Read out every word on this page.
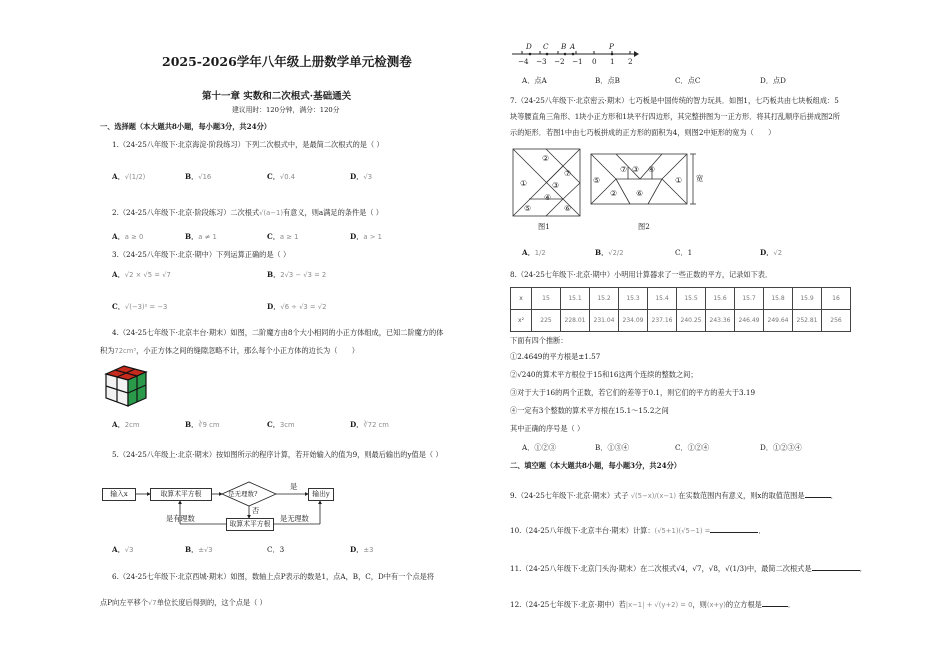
2025-2026学年八年级上册数学单元检测卷
第十一章 实数和二次根式·基础通关
建议用时：120分钟，满分：120分
一、选择题（本大题共8小题，每小题3分，共24分）
1.（24-25八年级下·北京海淀·阶段练习）下列二次根式中，是最简二次根式的是（ ）
A．√(1/2)	B．√16	C．√0.4	D．√3
2.（24-25八年级下·北京·阶段练习）二次根式√(a−1)有意义，则a满足的条件是（ ）
A．a ≥ 0	B．a ≠ 1	C．a ≥ 1	D．a > 1
3.（24-25八年级下·北京·期中）下列运算正确的是（ ）
A．√2 × √5 = √7	B．2√3 − √3 = 2
C．√(−3)² = −3	D．√6 ÷ √3 = √2
4.（24-25七年级下·北京丰台·期末）如图，二阶魔方由8个大小相同的小正方体组成，已知二阶魔方的体
积为72cm³，小正方体之间的缝隙忽略不计，那么每个小正方体的边长为（　　）
A．2cm	B．∛9 cm	C．3cm	D．∛72 cm
5.（24-25八年级上·北京·期末）按如图所示的程序计算，若开始输入的值为9，则最后输出的y值是（ ）
输入x	取算术平方根	是无理数?
是
否
输出y
是有理数
取算术平方根
是无理数
A．√3	B．±√3	C．3	D．±3
6.（24-25七年级下·北京西城·期末）如图，数轴上点P表示的数是1，点A，B，C，D中有一个点是将
点P向左平移个√7单位长度后得到的，这个点是（ ）
D C B A	P
−4 −3 −2 −1 0 1 2
A．点A	B．点B	C．点C	D．点D
7.（24-25八年级下·北京密云·期末）七巧板是中国传统的智力玩具．如图1，七巧板共由七块板组成：5
块等腰直角三角形、1块小正方形和1块平行四边形，其完整拼图为一正方形．将其打乱顺序后拼成图2所
示的矩形．若图1中由七巧板拼成的正方形的面积为4，则图2中矩形的宽为（　　）
②
①
⑦
③
④
⑤	⑥
图1
⑤
⑦ ③ ④
①
② ⑥
宽
图2
A．1/2	B．√2/2	C．1	D．√2
8.（24-25七年级下·北京·期中）小明用计算器求了一些正数的平方，记录如下表．
x	15	15.1	15.2	15.3	15.4	15.5	15.6	15.7	15.8	15.9	16
x²	225	228.01	231.04	234.09	237.16	240.25	243.36	246.49	249.64	252.81	256
下面有四个推断：
①2.4649的平方根是±1.57
②√240的算术平方根位于15和16这两个连续的整数之间；
③对于大于16的两个正数，若它们的差等于0.1，则它们的平方的差大于3.19
④一定有3个整数的算术平方根在15.1～15.2之间
其中正确的序号是（ ）
A．①②③	B．①③④	C．①②④	D．①②③④
二、填空题（本大题共8小题，每小题3分，共24分）
9.（24-25七年级下·北京·期末）式子 √(5−x)/(x−1) 在实数范围内有意义，则x的取值范围是	．
10.（24-25八年级下·北京丰台·期末）计算：(√5+1)(√5−1) =	．
11.（24-25八年级下·北京门头沟·期末）在二次根式√4，√7，√8，√(1/3)中，最简二次根式是	．
12.（24-25七年级下·北京·期中）若|x−1| + √(y+2) = 0，则(x+y)的立方根是	．
